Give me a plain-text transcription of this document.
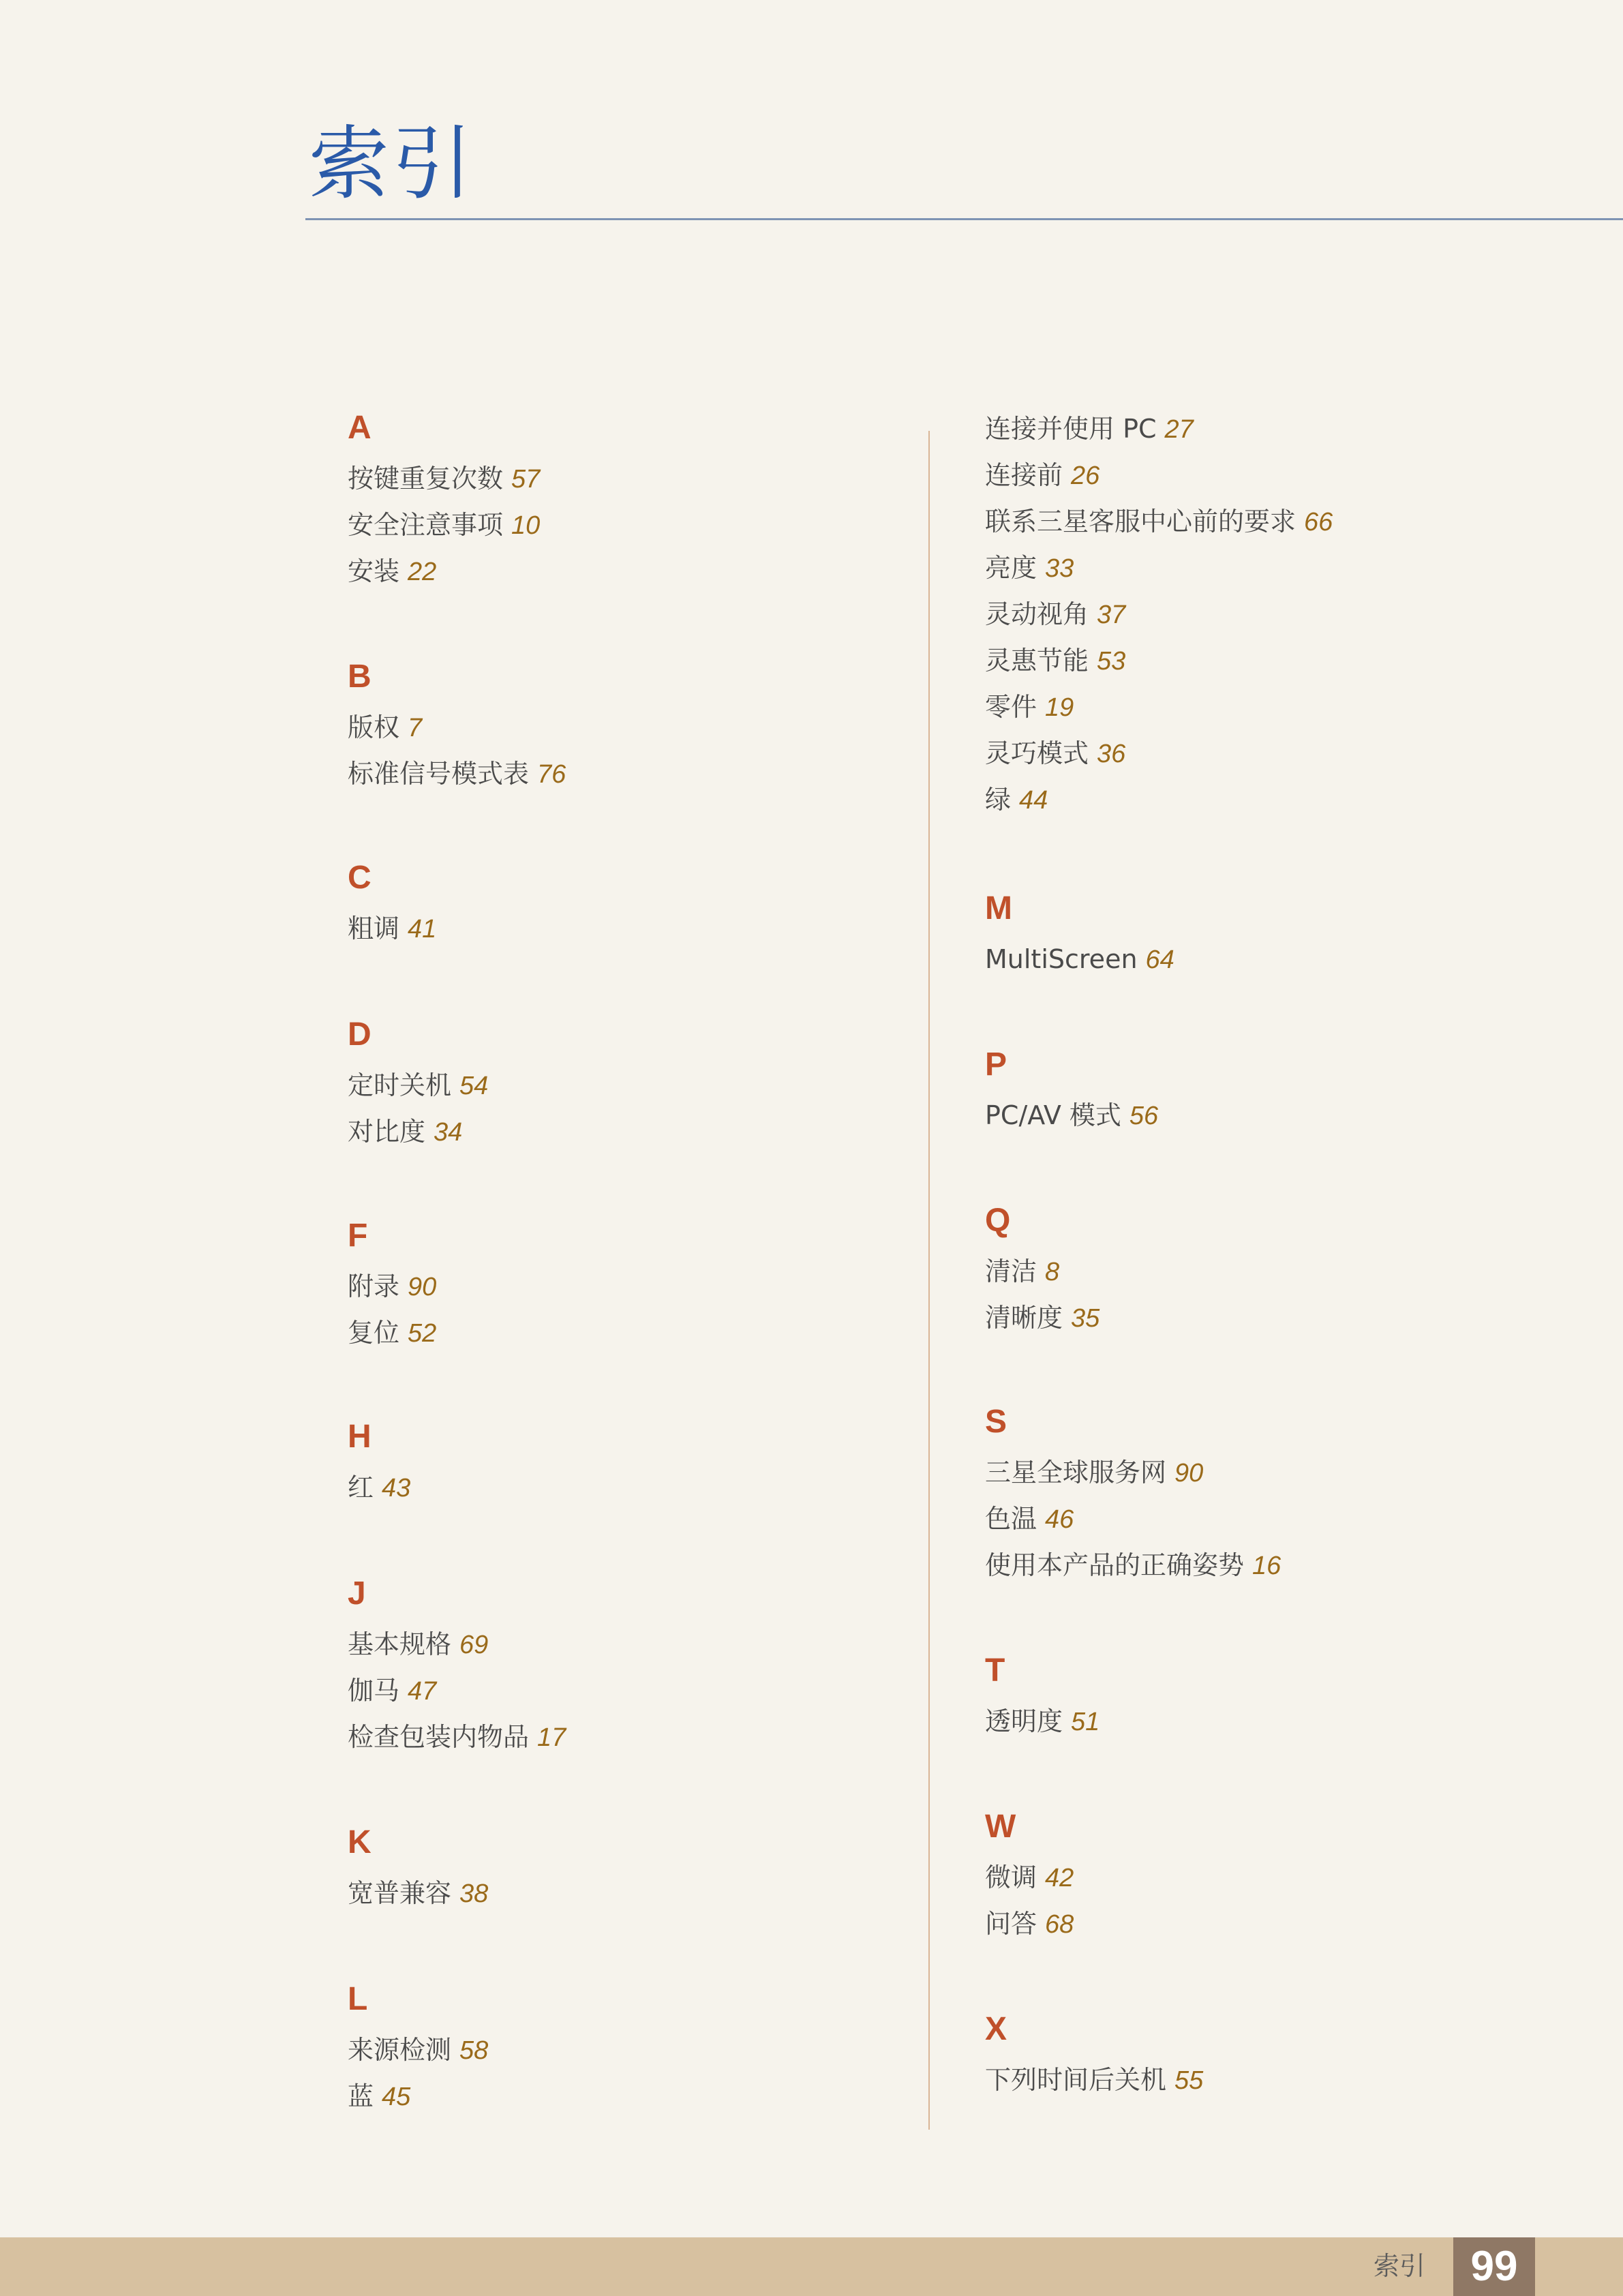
索引
A
按键重复次数 57
安全注意事项 10
安装 22
B
版权 7
标准信号模式表 76
C
粗调 41
D
定时关机 54
对比度 34
F
附录 90
复位 52
H
红 43
J
基本规格 69
伽马 47
检查包装内物品 17
K
宽普兼容 38
L
来源检测 58
蓝 45
连接并使用 PC 27
连接前 26
联系三星客服中心前的要求 66
亮度 33
灵动视角 37
灵惠节能 53
零件 19
灵巧模式 36
绿 44
M
MultiScreen 64
P
PC/AV 模式 56
Q
清洁 8
清晰度 35
S
三星全球服务网 90
色温 46
使用本产品的正确姿势 16
T
透明度 51
W
微调 42
问答 68
X
下列时间后关机 55
索引	99
